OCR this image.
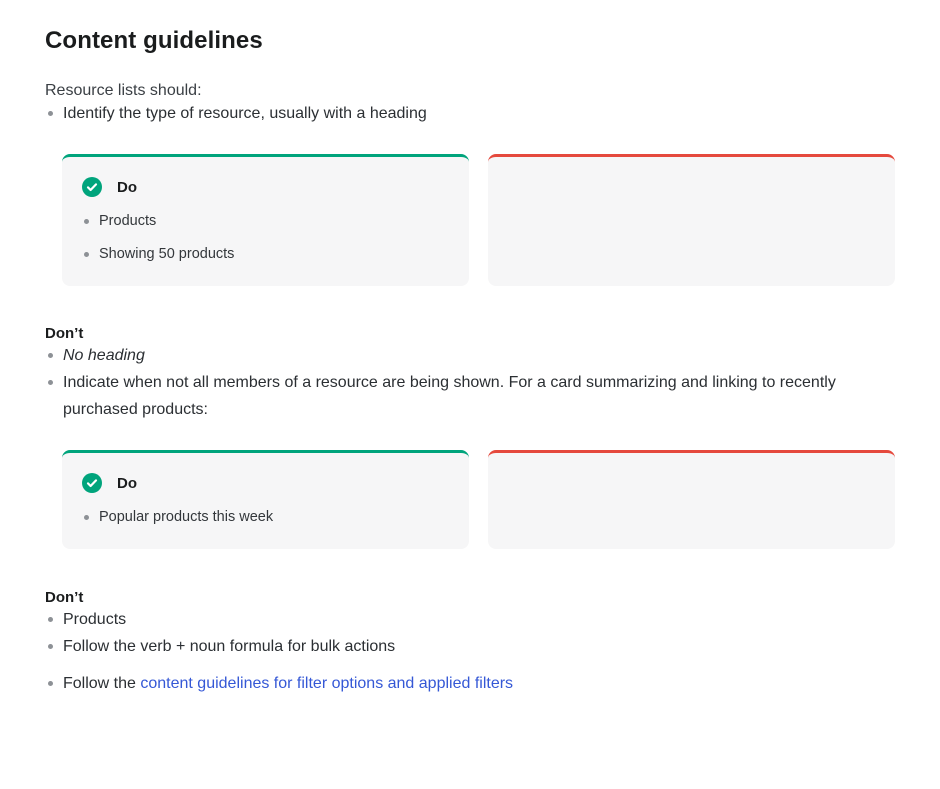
Content guidelines

Resource lists should:

Identify the type of resource, usually with a heading
Do
Products
Showing 50 products
Don’t
No heading
Indicate when not all members of a resource are being shown. For a card summarizing and linking to recently purchased products:
Do
Popular products this week
Don’t
Products
Follow the verb + noun formula for bulk actions
Follow the content guidelines for filter options and applied filters
